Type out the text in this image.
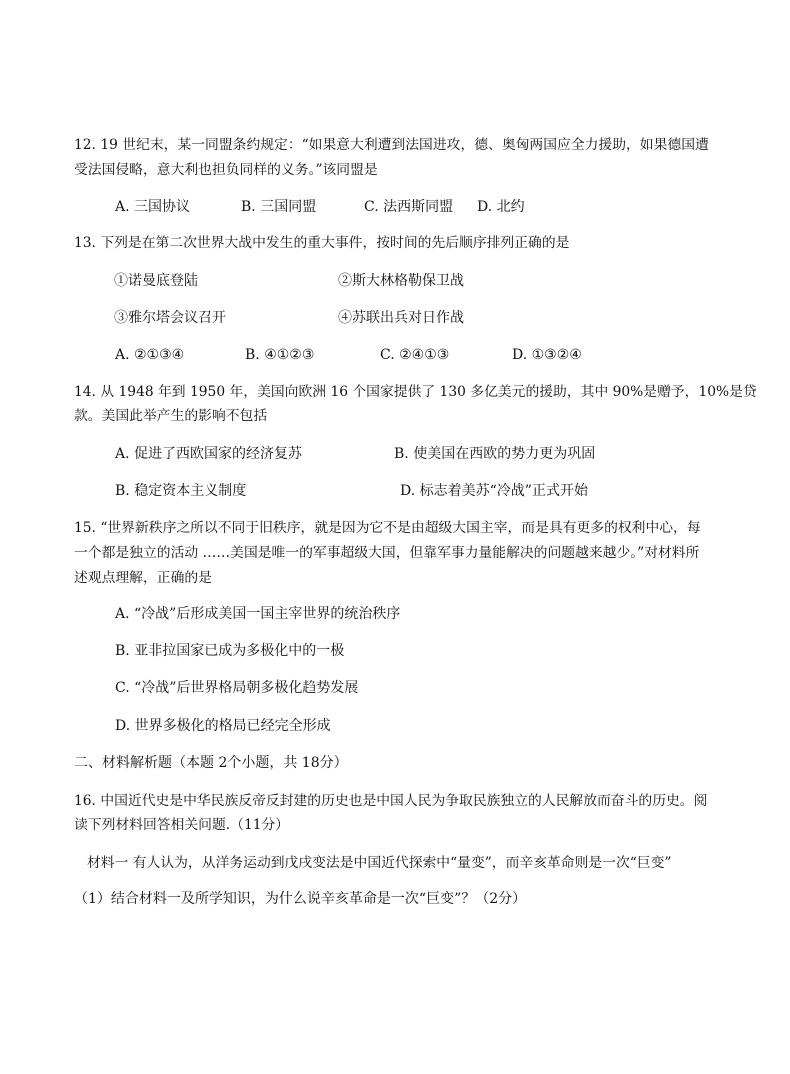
12. 19 世纪末，某一同盟条约规定：“如果意大利遭到法国进攻，德、奥匈两国应全力援助，如果德国遭
受法国侵略，意大利也担负同样的义务。”该同盟是
A. 三国协议	B. 三国同盟	C. 法西斯同盟 D. 北约
13. 下列是在第二次世界大战中发生的重大事件，按时间的先后顺序排列正确的是
①诺曼底登陆	②斯大林格勒保卫战
③雅尔塔会议召开	④苏联出兵对日作战
A. ②①③④	B. ④①②③	C. ②④①③	D. ①③②④
14. 从 1948 年到 1950 年，美国向欧洲 16 个国家提供了 130 多亿美元的援助，其中 90%是赠予，10%是贷
款。美国此举产生的影响不包括
A. 促进了西欧国家的经济复苏	B. 使美国在西欧的势力更为巩固
B. 稳定资本主义制度	D. 标志着美苏“冷战”正式开始
15. “世界新秩序之所以不同于旧秩序，就是因为它不是由超级大国主宰，而是具有更多的权利中心，每
一个都是独立的活动 ……美国是唯一的军事超级大国，但靠军事力量能解决的问题越来越少。”对材料所
述观点理解，正确的是
A. “冷战”后形成美国一国主宰世界的统治秩序
B. 亚非拉国家已成为多极化中的一极
C. “冷战”后世界格局朝多极化趋势发展
D. 世界多极化的格局已经完全形成
二、材料解析题（本题 2个小题，共 18分）
16. 中国近代史是中华民族反帝反封建的历史也是中国人民为争取民族独立的人民解放而奋斗的历史。阅
读下列材料回答相关问题.（11分）
材料一 有人认为，从洋务运动到戊戌变法是中国近代探索中“量变”，而辛亥革命则是一次“巨变”
（1）结合材料一及所学知识，为什么说辛亥革命是一次“巨变”？（2分）
